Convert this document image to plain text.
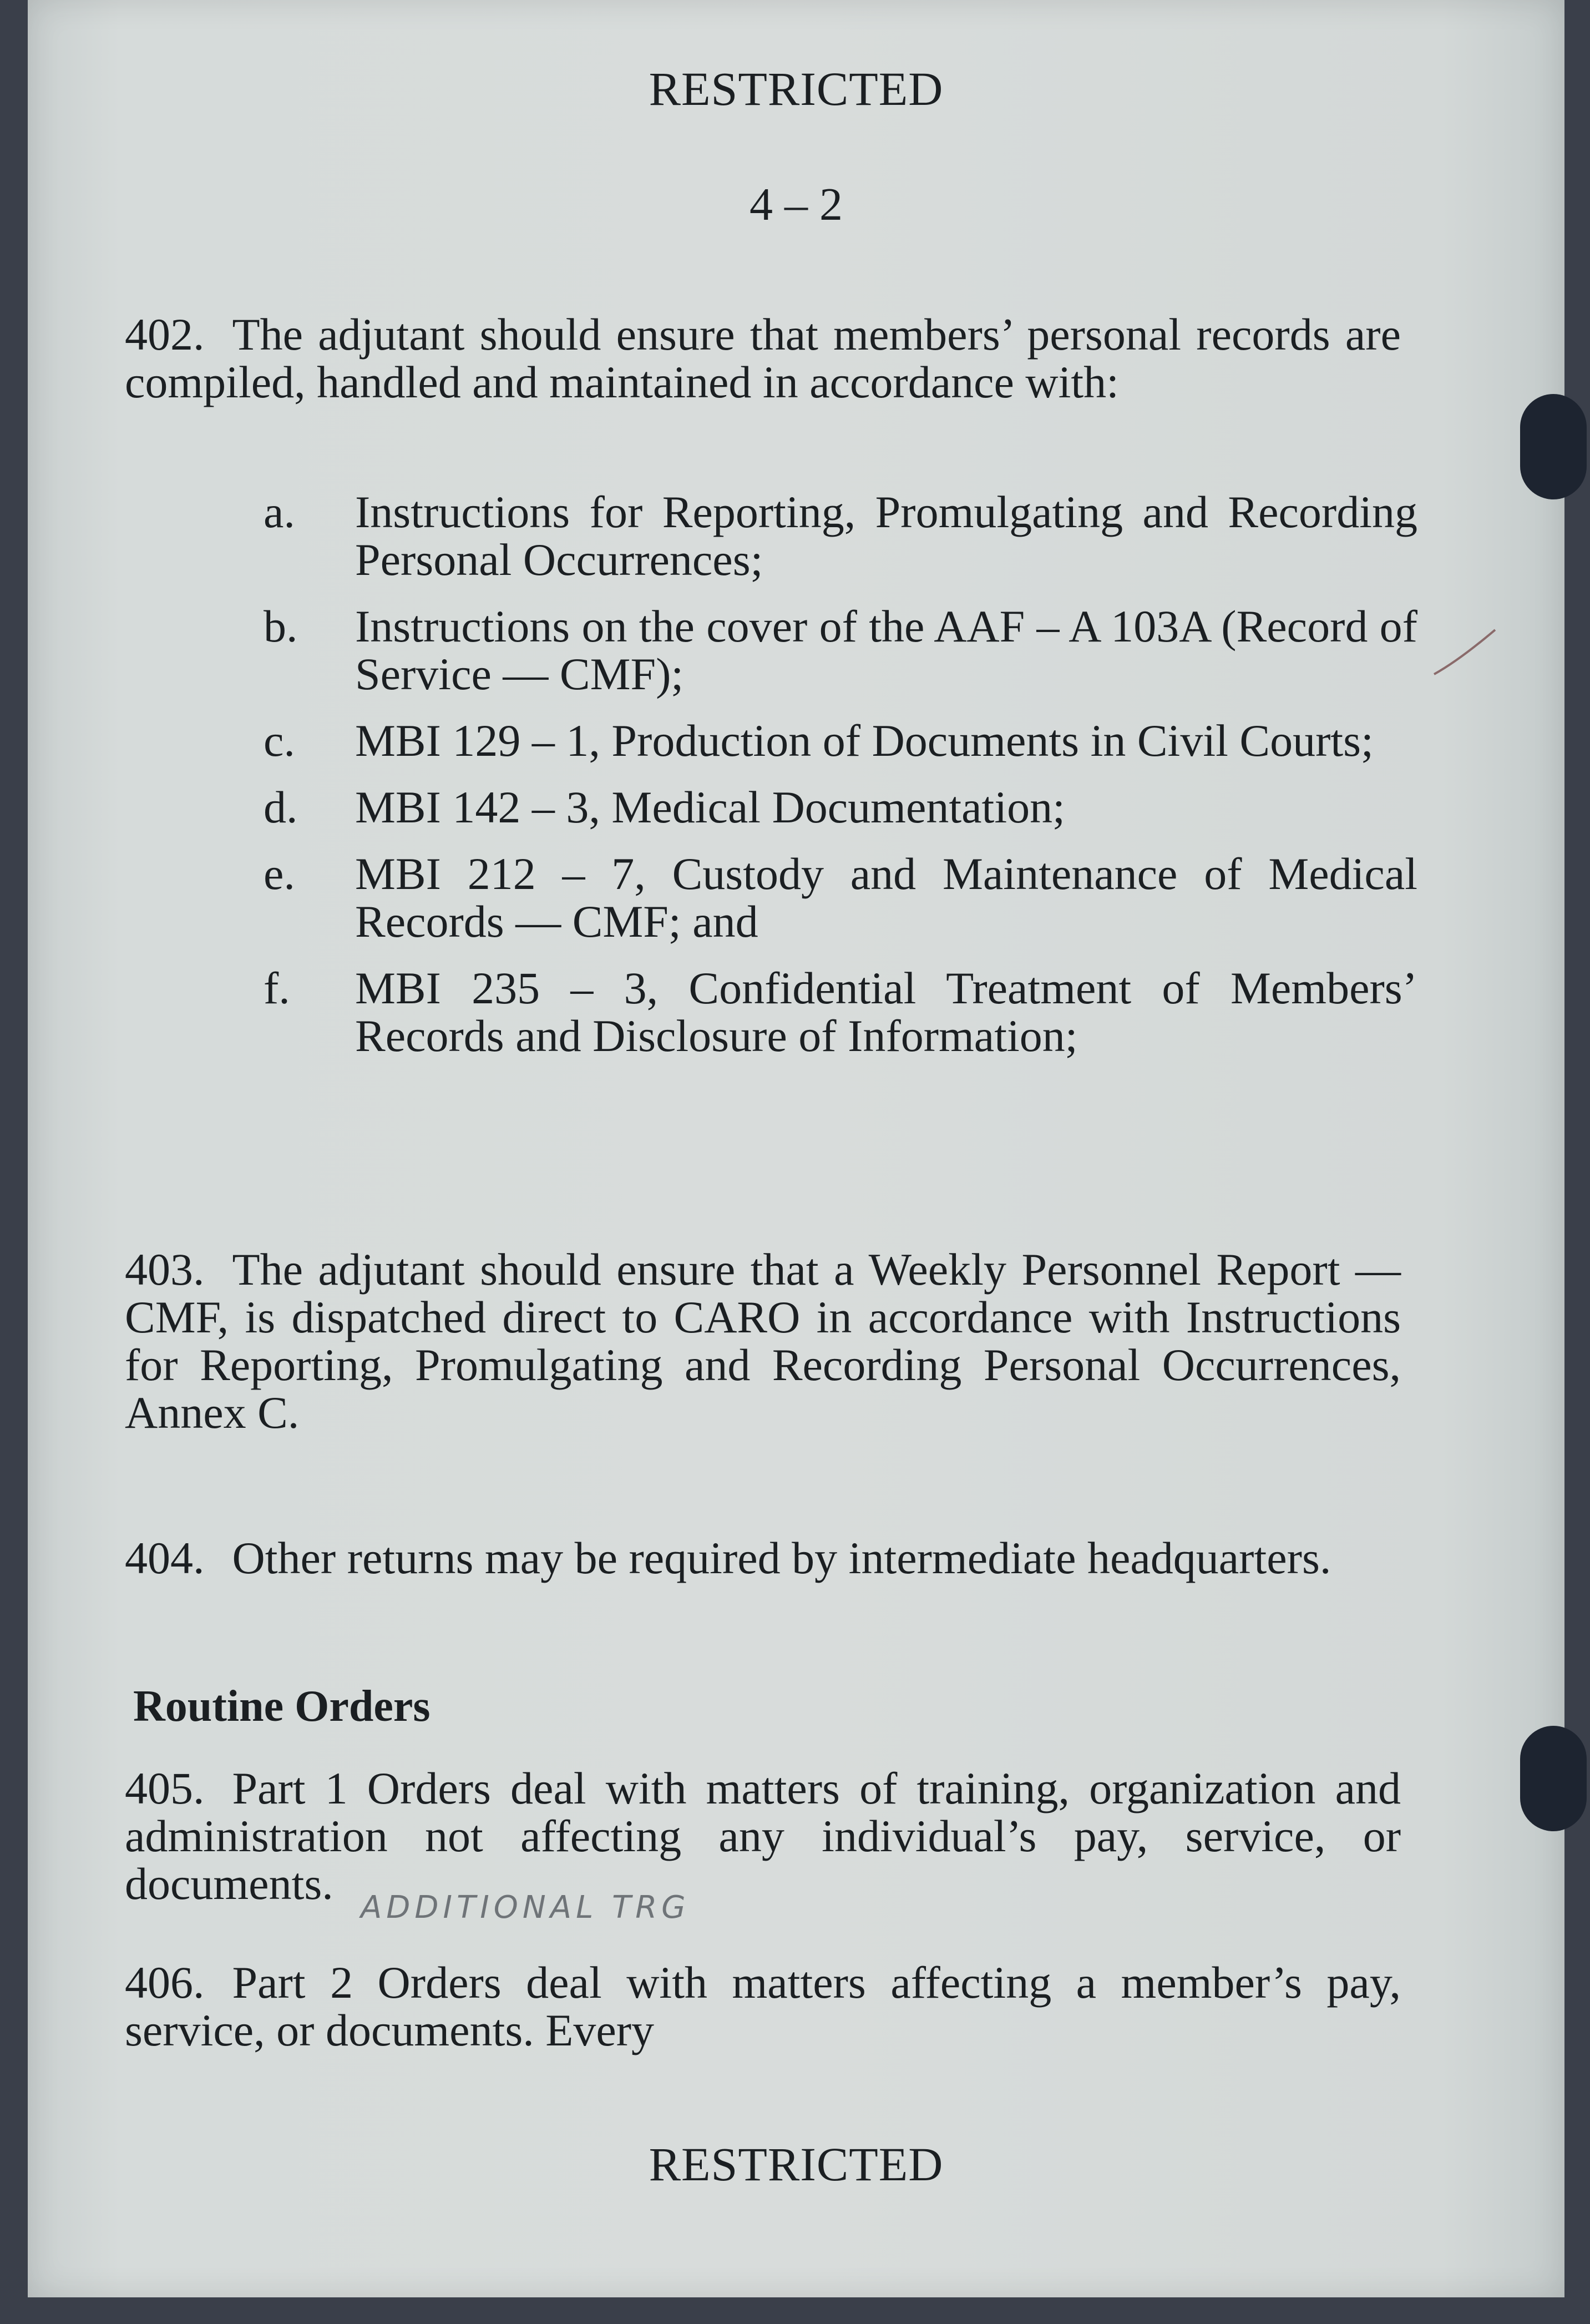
RESTRICTED
4 – 2
402. The adjutant should ensure that members’ personal records are compiled, handled and maintained in accordance with:
a. Instructions for Reporting, Promulgating and Recording Personal Occurrences;
b. Instructions on the cover of the AAF – A 103A (Record of Service — CMF);
c. MBI 129 – 1, Production of Documents in Civil Courts;
d. MBI 142 – 3, Medical Documentation;
e. MBI 212 – 7, Custody and Maintenance of Medical Records — CMF; and
f. MBI 235 – 3, Confidential Treatment of Members’ Records and Disclosure of Information;
403. The adjutant should ensure that a Weekly Personnel Report — CMF, is dispatched direct to CARO in accordance with Instructions for Reporting, Promulgating and Recording Personal Occurrences, Annex C.
404. Other returns may be required by intermediate headquarters.
Routine Orders
405. Part 1 Orders deal with matters of training, organization and administration not affecting any individual’s pay, service, or documents. ADDITIONAL TRG
406. Part 2 Orders deal with matters affecting a member’s pay, service, or documents. Every
RESTRICTED
